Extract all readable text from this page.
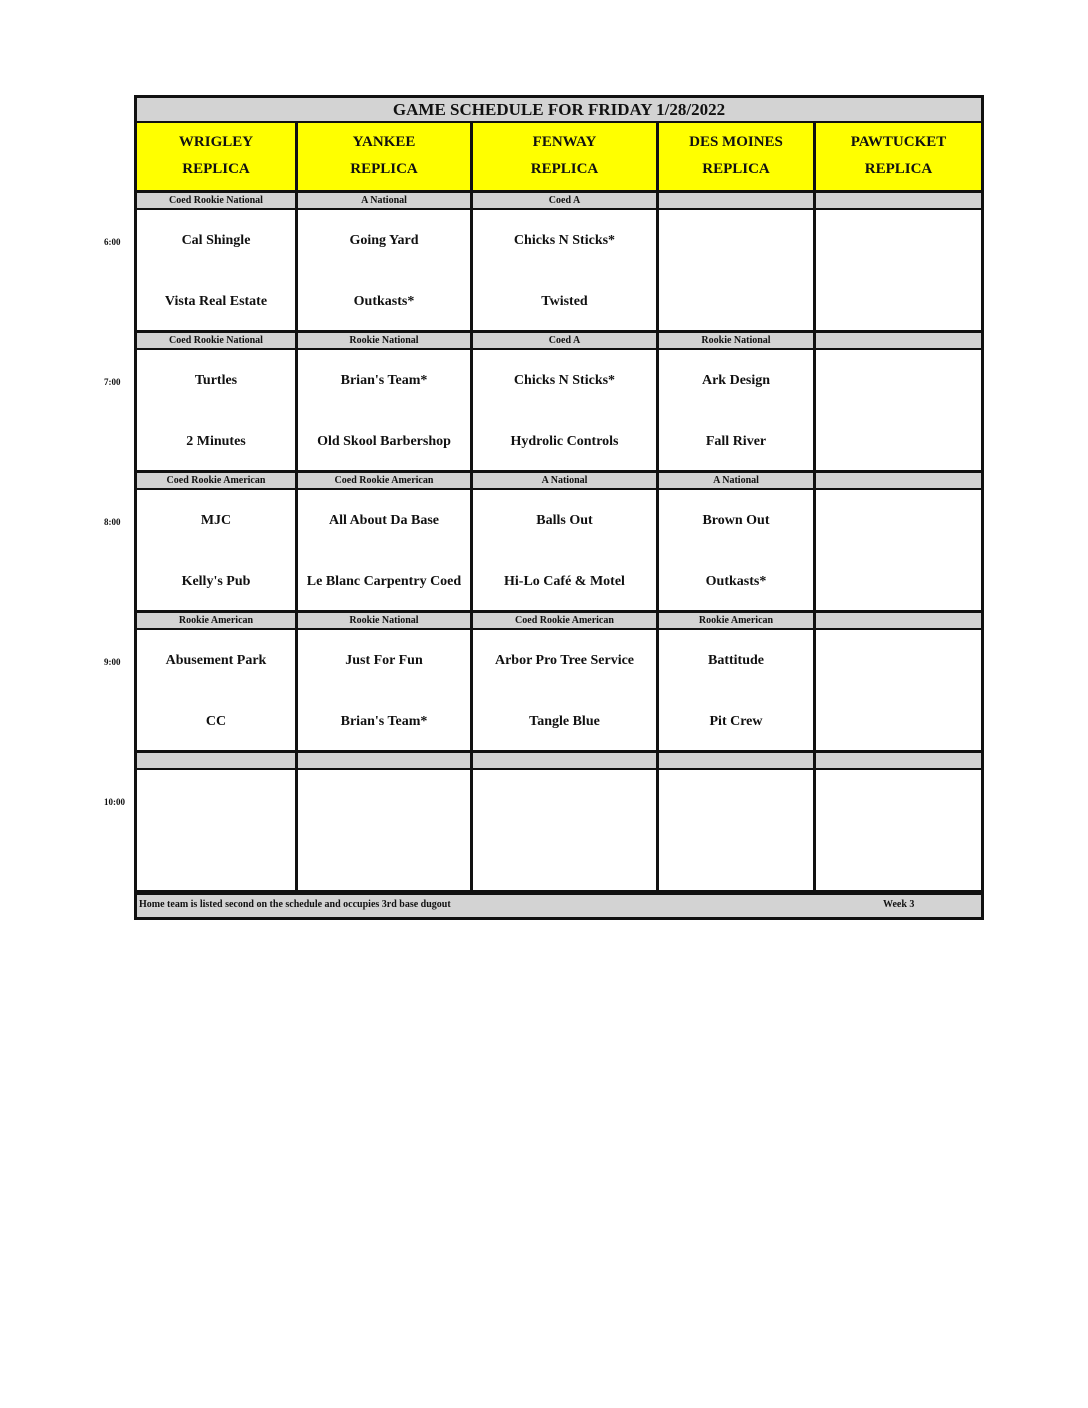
GAME SCHEDULE FOR FRIDAY 1/28/2022
Home team is listed second on the schedule and occupies 3rd base dugout	Week 3
WRIGLEY
REPLICA
Coed Rookie National
Cal Shingle
Vista Real Estate
Coed Rookie National
Turtles
2 Minutes
Coed Rookie American
MJC
Kelly's Pub
Rookie American
Abusement Park
CC
YANKEE
REPLICA
A National
Going Yard
Outkasts*
Rookie National
Brian's Team*
Old Skool Barbershop
Coed Rookie American
All About Da Base
Le Blanc Carpentry Coed
Rookie National
Just For Fun
Brian's Team*
FENWAY
REPLICA
Coed A
Chicks N Sticks*
Twisted
Coed A
Chicks N Sticks*
Hydrolic Controls
A National
Balls Out
Hi-Lo Café & Motel
Coed Rookie American
Arbor Pro Tree Service
Tangle Blue
DES MOINES
REPLICA
Rookie National
Ark Design
Fall River
A National
Brown Out
Outkasts*
Rookie American
Battitude
Pit Crew
PAWTUCKET
REPLICA
6:00
7:00
8:00
9:00
10:00
